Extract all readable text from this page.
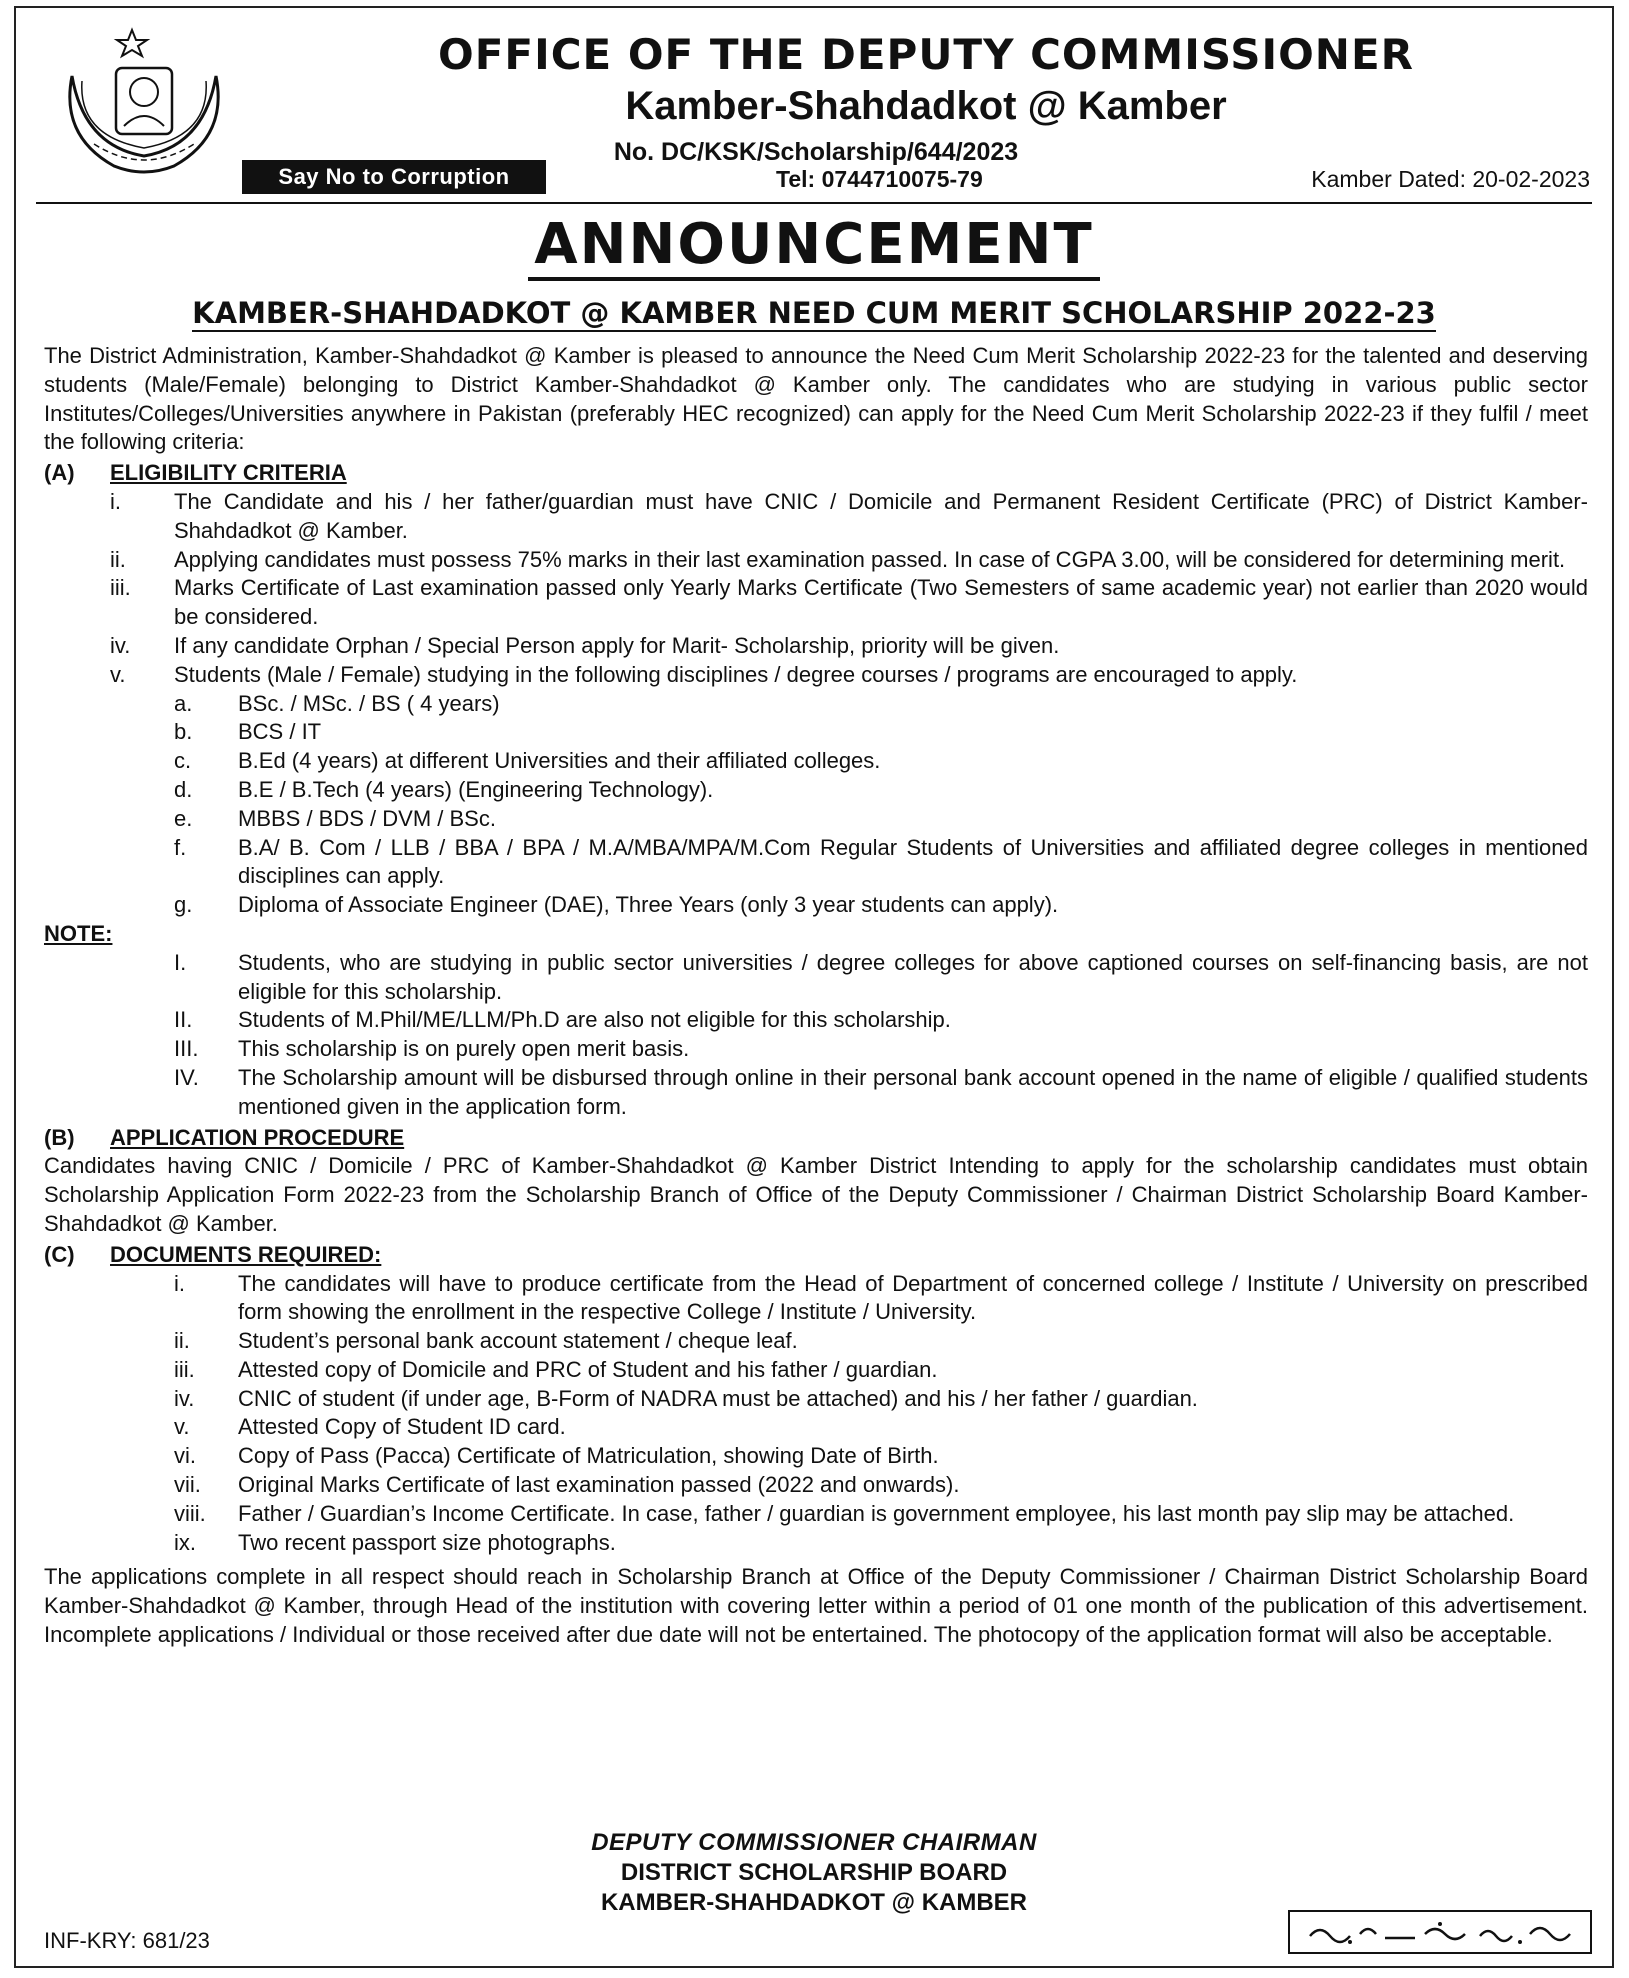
OFFICE OF THE DEPUTY COMMISSIONER
Kamber-Shahdadkot @ Kamber
No. DC/KSK/Scholarship/644/2023
Say No to Corruption	Tel: 0744710075-79	Kamber Dated: 20-02-2023
ANNOUNCEMENT
KAMBER-SHAHDADKOT @ KAMBER NEED CUM MERIT SCHOLARSHIP 2022-23
The District Administration, Kamber-Shahdadkot @ Kamber is pleased to announce the Need Cum Merit Scholarship 2022-23 for the talented and deserving students (Male/Female) belonging to District Kamber-Shahdadkot @ Kamber only. The candidates who are studying in various public sector Institutes/Colleges/Universities anywhere in Pakistan (preferably HEC recognized) can apply for the Need Cum Merit Scholarship 2022-23 if they fulfil / meet the following criteria:
(A)	ELIGIBILITY CRITERIA
i.	The Candidate and his / her father/guardian must have CNIC / Domicile and Permanent Resident Certificate (PRC) of District Kamber-Shahdadkot @ Kamber.
ii.	Applying candidates must possess 75% marks in their last examination passed. In case of CGPA 3.00, will be considered for determining merit.
iii.	Marks Certificate of Last examination passed only Yearly Marks Certificate (Two Semesters of same academic year) not earlier than 2020 would be considered.
iv.	If any candidate Orphan / Special Person apply for Marit- Scholarship, priority will be given.
v.	Students (Male / Female) studying in the following disciplines / degree courses / programs are encouraged to apply.
a.	BSc. / MSc. / BS ( 4 years)
b.	BCS / IT
c.	B.Ed (4 years) at different Universities and their affiliated colleges.
d.	B.E / B.Tech (4 years) (Engineering Technology).
e.	MBBS / BDS / DVM / BSc.
f.	B.A/ B. Com / LLB / BBA / BPA / M.A/MBA/MPA/M.Com Regular Students of Universities and affiliated degree colleges in mentioned disciplines can apply.
g.	Diploma of Associate Engineer (DAE), Three Years (only 3 year students can apply).
NOTE:
I.	Students, who are studying in public sector universities / degree colleges for above captioned courses on self-financing basis, are not eligible for this scholarship.
II.	Students of M.Phil/ME/LLM/Ph.D are also not eligible for this scholarship.
III.	This scholarship is on purely open merit basis.
IV.	The Scholarship amount will be disbursed through online in their personal bank account opened in the name of eligible / qualified students mentioned given in the application form.
(B)	APPLICATION PROCEDURE
Candidates having CNIC / Domicile / PRC of Kamber-Shahdadkot @ Kamber District Intending to apply for the scholarship candidates must obtain Scholarship Application Form 2022-23 from the Scholarship Branch of Office of the Deputy Commissioner / Chairman District Scholarship Board Kamber-Shahdadkot @ Kamber.
(C)	DOCUMENTS REQUIRED:
i.	The candidates will have to produce certificate from the Head of Department of concerned college / Institute / University on prescribed form showing the enrollment in the respective College / Institute / University.
ii.	Student’s personal bank account statement / cheque leaf.
iii.	Attested copy of Domicile and PRC of Student and his father / guardian.
iv.	CNIC of student (if under age, B-Form of NADRA must be attached) and his / her father / guardian.
v.	Attested Copy of Student ID card.
vi.	Copy of Pass (Pacca) Certificate of Matriculation, showing Date of Birth.
vii.	Original Marks Certificate of last examination passed (2022 and onwards).
viii.	Father / Guardian’s Income Certificate. In case, father / guardian is government employee, his last month pay slip may be attached.
ix.	Two recent passport size photographs.
The applications complete in all respect should reach in Scholarship Branch at Office of the Deputy Commissioner / Chairman District Scholarship Board Kamber-Shahdadkot @ Kamber, through Head of the institution with covering letter within a period of 01 one month of the publication of this advertisement. Incomplete applications / Individual or those received after due date will not be entertained. The photocopy of the application format will also be acceptable.
DEPUTY COMMISSIONER CHAIRMAN
DISTRICT SCHOLARSHIP BOARD
KAMBER-SHAHDADKOT @ KAMBER
INF-KRY: 681/23
